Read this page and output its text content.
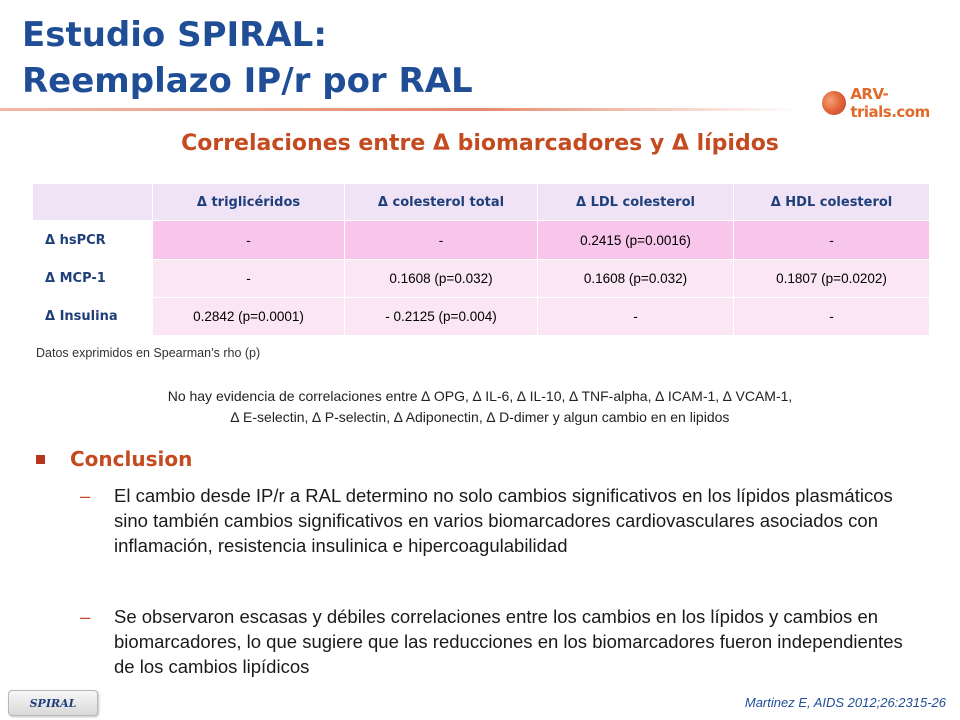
Estudio SPIRAL:
Reemplazo IP/r por RAL	ARV-trials.com
Correlaciones entre Δ biomarcadores y Δ lípidos
	Δ triglicéridos	Δ colesterol total	Δ LDL colesterol	Δ HDL colesterol
Δ hsPCR	-	-	0.2415 (p=0.0016)	-
Δ MCP-1	-	0.1608 (p=0.032)	0.1608 (p=0.032)	0.1807 (p=0.0202)
Δ Insulina	0.2842 (p=0.0001)	- 0.2125 (p=0.004)	-	-

Datos exprimidos en Spearman’s rho (p)

No hay evidencia de correlaciones entre ∆ OPG, ∆ IL-6, ∆ IL-10, ∆ TNF-alpha, ∆ ICAM-1, ∆ VCAM-1,
∆ E-selectin, ∆ P-selectin, ∆ Adiponectin, ∆ D-dimer y algun cambio en en lipidos

Conclusion
–	El cambio desde IP/r a RAL determino no solo cambios significativos en los lípidos plasmáticos sino también cambios significativos en varios biomarcadores cardiovasculares asociados con inflamación, resistencia insulinica e hipercoagulabilidad
–	Se observaron escasas y débiles correlaciones entre los cambios en los lípidos y cambios en biomarcadores, lo que sugiere que las reducciones en los biomarcadores fueron independientes de los cambios lipídicos
SPIRAL	Martinez E, AIDS 2012;26:2315-26
